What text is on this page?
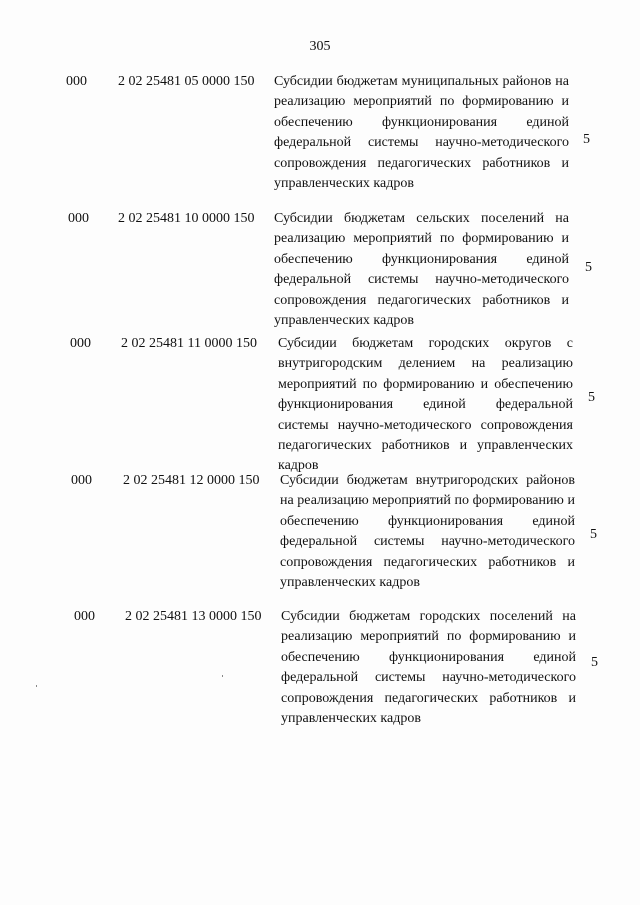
305
000 2 02 25481 05 0000 150 Субсидии бюджетам муниципальных районов на реализацию мероприятий по формированию и обеспечению функционирования единой федеральной системы научно-методического сопровождения педагогических работников и управленческих кадров
5
000 2 02 25481 10 0000 150 Субсидии бюджетам сельских поселений на реализацию мероприятий по формированию и обеспечению функционирования единой федеральной системы научно-методического сопровождения педагогических работников и управленческих кадров
5
000 2 02 25481 11 0000 150 Субсидии бюджетам городских округов с внутригородским делением на реализацию мероприятий по формированию и обеспечению функционирования единой федеральной системы научно-методического сопровождения педагогических работников и управленческих кадров
5
000 2 02 25481 12 0000 150 Субсидии бюджетам внутригородских районов на реализацию мероприятий по формированию и обеспечению функционирования единой федеральной системы научно-методического сопровождения педагогических работников и управленческих кадров
5
000 2 02 25481 13 0000 150 Субсидии бюджетам городских поселений на реализацию мероприятий по формированию и обеспечению функционирования единой федеральной системы научно-методического сопровождения педагогических работников и управленческих кадров
5
